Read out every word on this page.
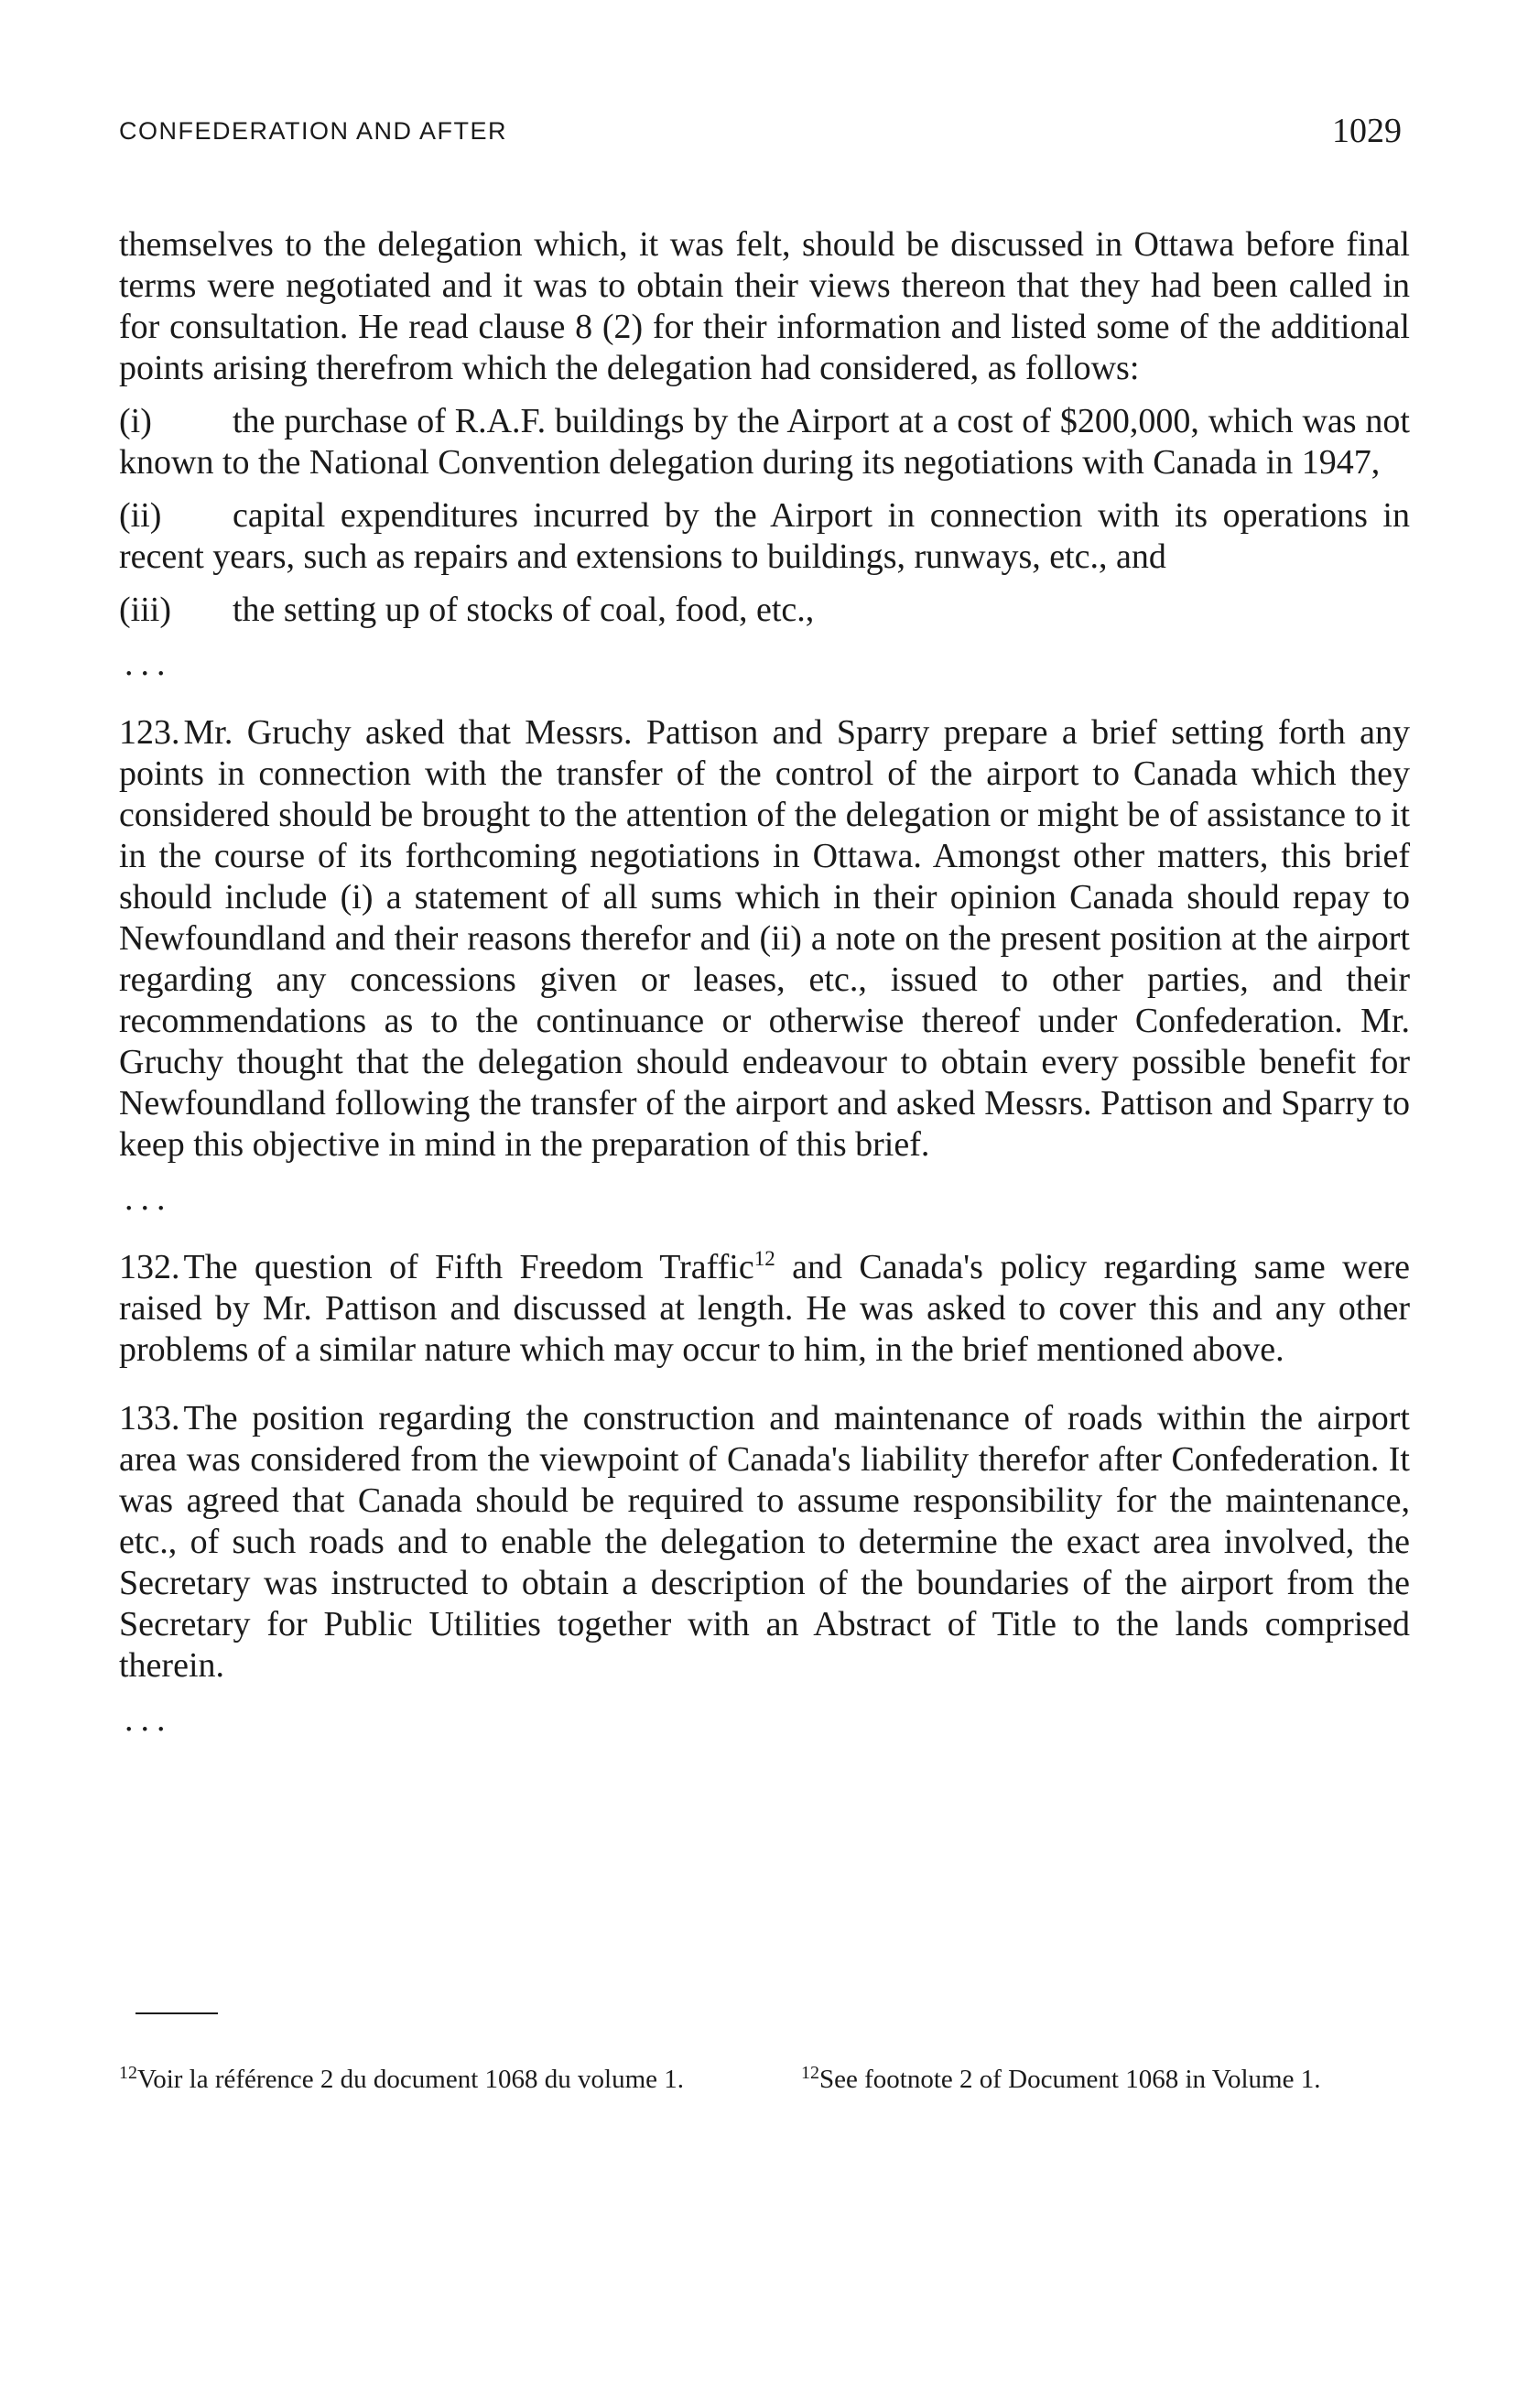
CONFEDERATION AND AFTER	1029

themselves to the delegation which, it was felt, should be discussed in Ottawa before final terms were negotiated and it was to obtain their views thereon that they had been called in for consultation. He read clause 8 (2) for their information and listed some of the additional points arising therefrom which the delegation had considered, as follows:

(i) the purchase of R.A.F. buildings by the Airport at a cost of $200,000, which was not known to the National Convention delegation during its negotiations with Canada in 1947,

(ii) capital expenditures incurred by the Airport in connection with its operations in recent years, such as repairs and extensions to buildings, runways, etc., and

(iii) the setting up of stocks of coal, food, etc.,

...

123. Mr. Gruchy asked that Messrs. Pattison and Sparry prepare a brief setting forth any points in connection with the transfer of the control of the airport to Canada which they considered should be brought to the attention of the delegation or might be of assistance to it in the course of its forthcoming negotiations in Ottawa. Amongst other matters, this brief should include (i) a statement of all sums which in their opinion Canada should repay to Newfoundland and their reasons therefor and (ii) a note on the present position at the airport regarding any concessions given or leases, etc., issued to other parties, and their recommendations as to the continuance or otherwise thereof under Confederation. Mr. Gruchy thought that the delegation should endeavour to obtain every possible benefit for Newfoundland following the transfer of the airport and asked Messrs. Pattison and Sparry to keep this objective in mind in the preparation of this brief.

...

132. The question of Fifth Freedom Traffic$^{12}$ and Canada's policy regarding same were raised by Mr. Pattison and discussed at length. He was asked to cover this and any other problems of a similar nature which may occur to him, in the brief mentioned above.

133. The position regarding the construction and maintenance of roads within the airport area was considered from the viewpoint of Canada's liability therefor after Confederation. It was agreed that Canada should be required to assume responsibility for the maintenance, etc., of such roads and to enable the delegation to determine the exact area involved, the Secretary was instructed to obtain a description of the boundaries of the airport from the Secretary for Public Utilities together with an Abstract of Title to the lands comprised therein.

...

$^{12}$Voir la référence 2 du document 1068 du volume 1.	$^{12}$See footnote 2 of Document 1068 in Volume 1.
